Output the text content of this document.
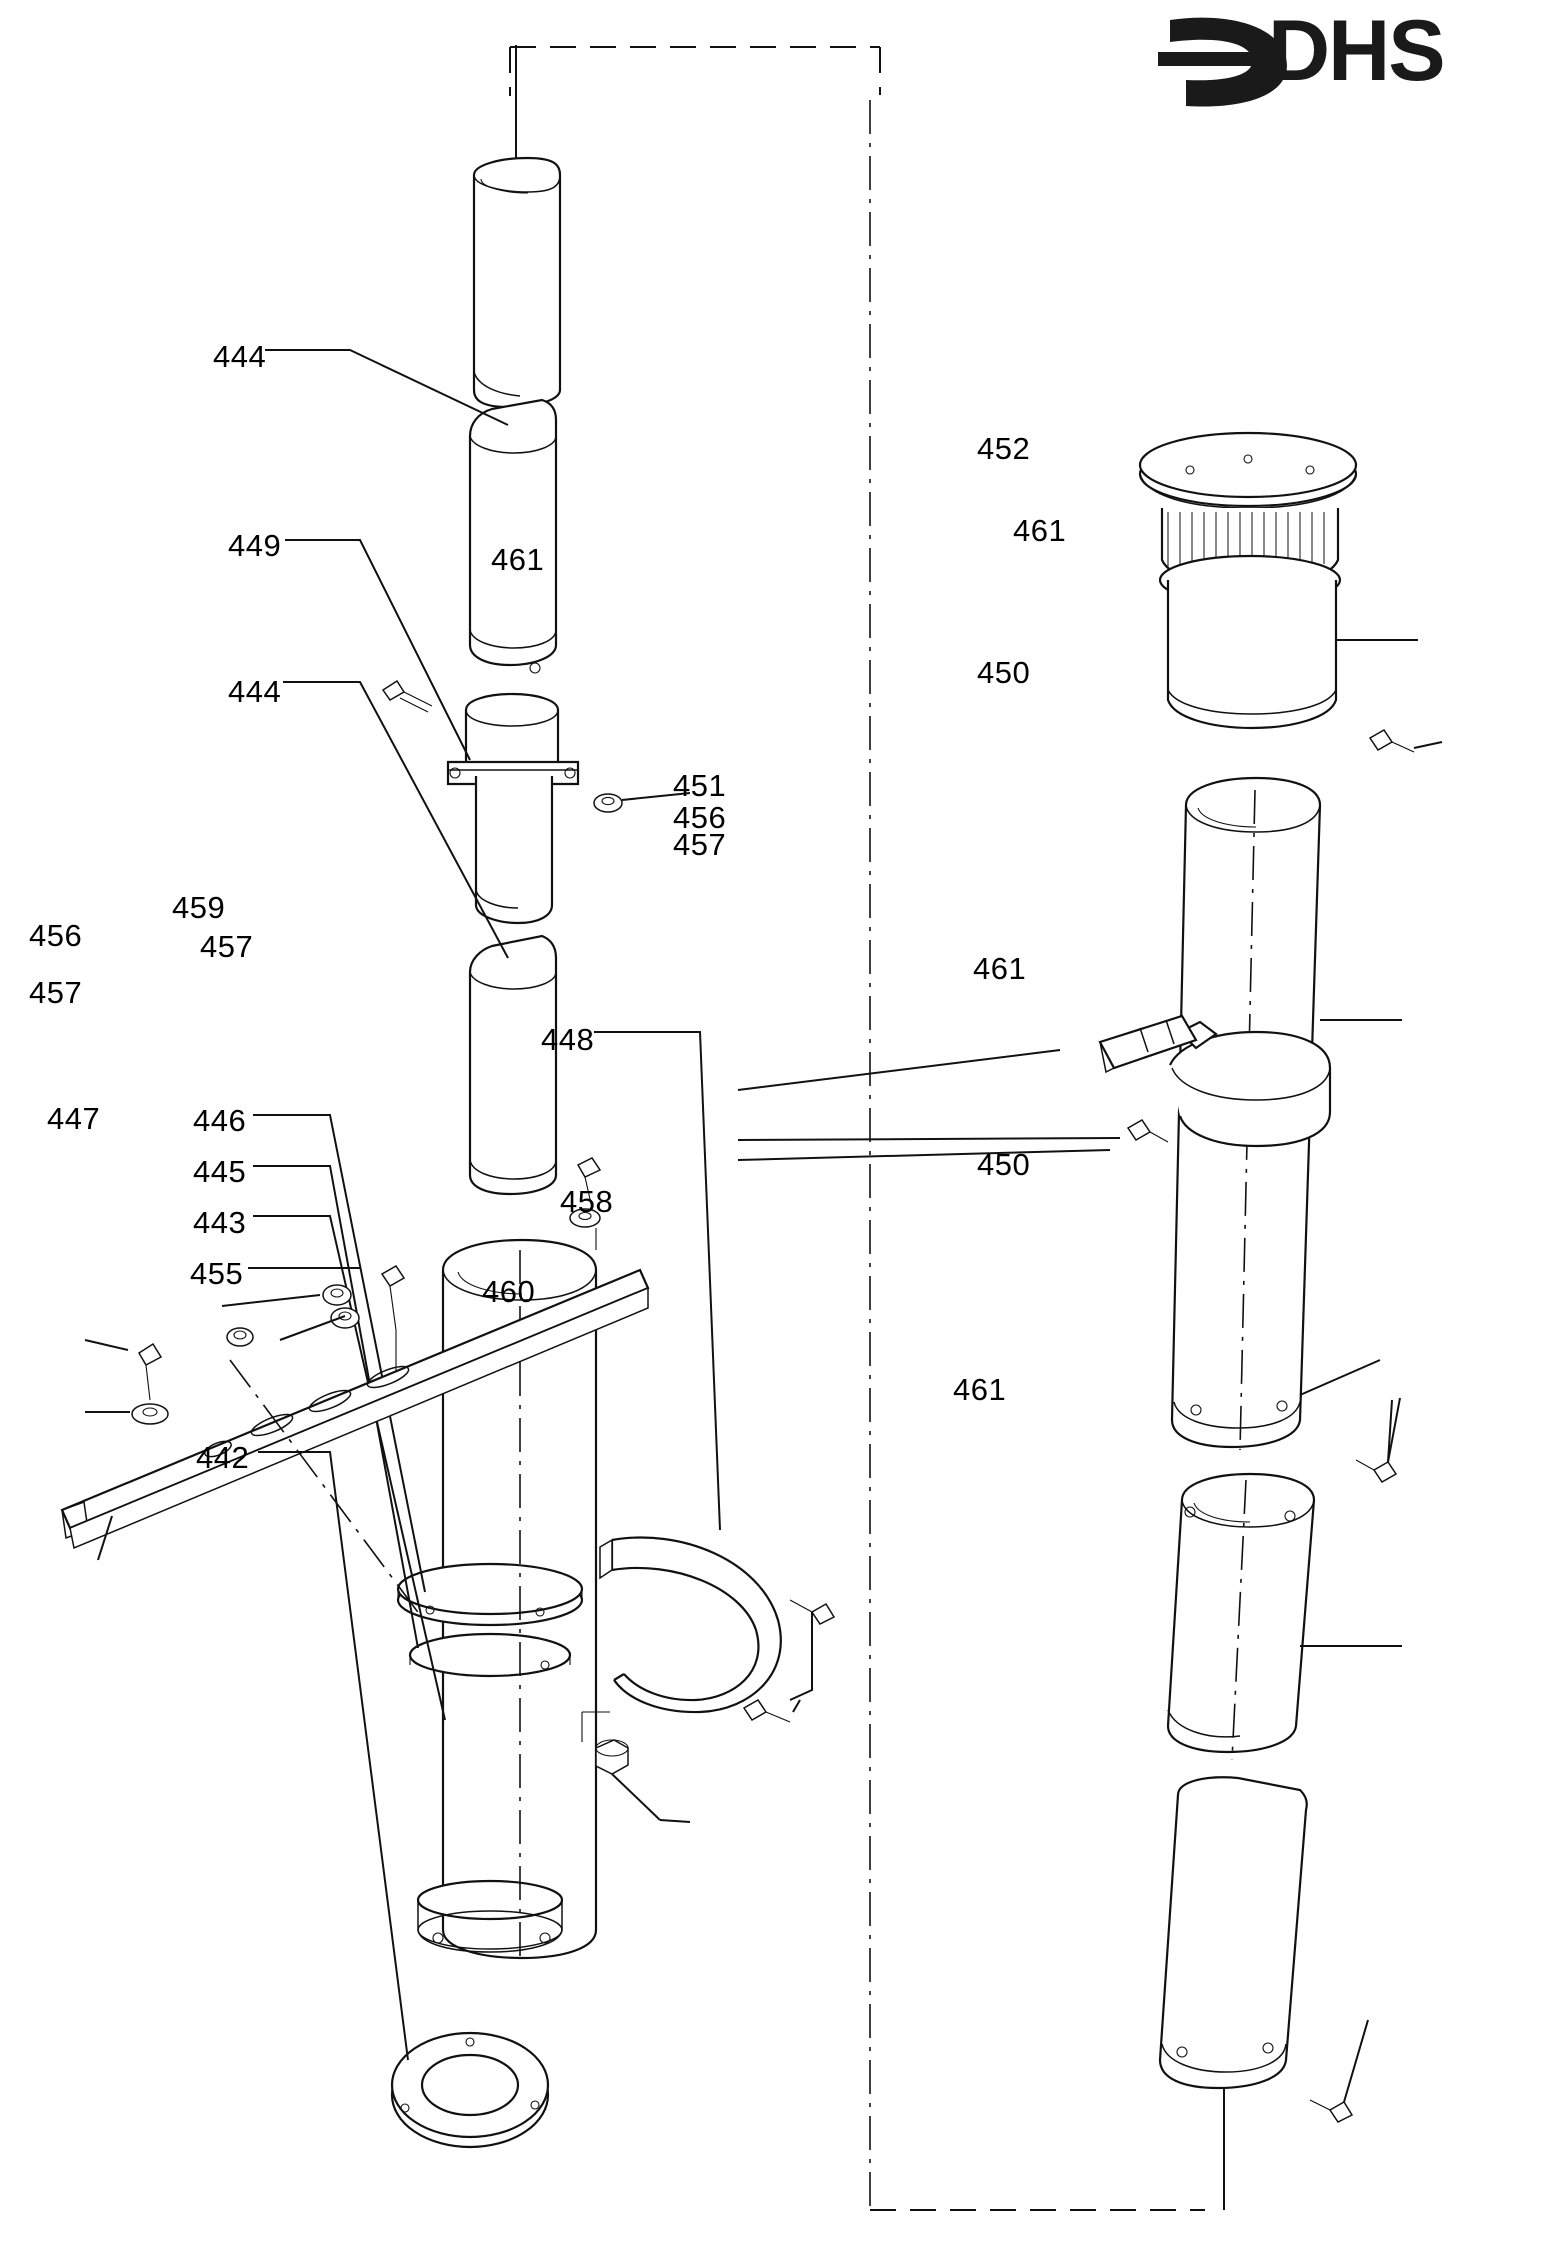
DHS
444
449	461
444
459
456	457
457
448
447	446
445
458
443
455
460
442
452
461
450
451
456
457
461
450
461
